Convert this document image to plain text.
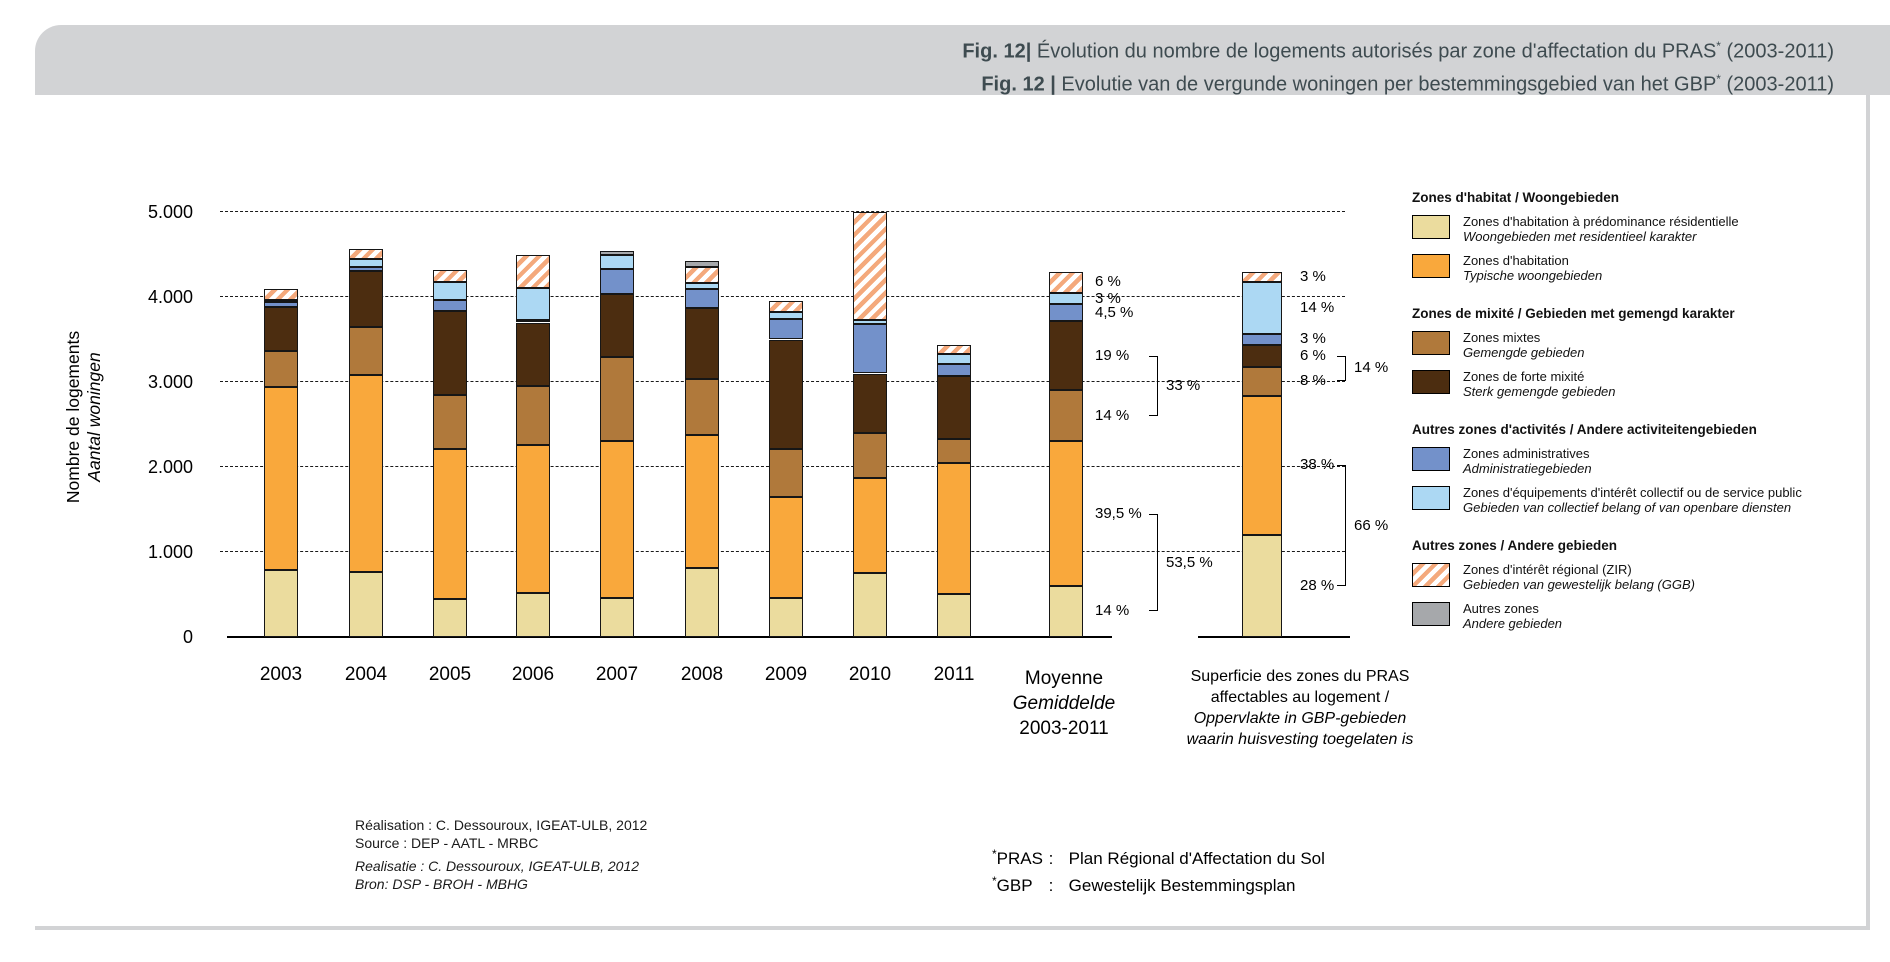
Fig. 12| Évolution du nombre de logements autorisés par zone d'affectation du PRAS* (2003-2011)
Fig. 12 | Evolutie van de vergunde woningen per bestemmingsgebied van het GBP* (2003-2011)
Nombre de logements Aantal woningen
0
1.000
2.000
3.000
4.000
5.000
2003	2004	2005	2006	2007	2008	2009	2010	2011
14 %
39,5 %
14 %
19 %
4,5 %
3 %
6 %
33 %
53,5 %
28 %
38 %
8 %
6 %
3 %
14 %
3 %
14 %
66 %
Moyenne
Gemiddelde
2003-2011
Superficie des zones du PRAS
affectables au logement /
Oppervlakte in GBP-gebieden
waarin huisvesting toegelaten is
Zones d'habitat / Woongebieden
Zones d'habitation à prédominance résidentielle
Woongebieden met residentieel karakter
Zones d'habitation
Typische woongebieden
Zones de mixité / Gebieden met gemengd karakter
Zones mixtes
Gemengde gebieden
Zones de forte mixité
Sterk gemengde gebieden
Autres zones d'activités / Andere activiteitengebieden
Zones administratives
Administratiegebieden
Zones d'équipements d'intérêt collectif ou de service public
Gebieden van collectief belang of van openbare diensten
Autres zones / Andere gebieden
Zones d'intérêt régional (ZIR)
Gebieden van gewestelijk belang (GGB)
Autres zones
Andere gebieden
Réalisation : C. Dessouroux, IGEAT-ULB, 2012
Source : DEP - AATL - MRBC
Realisatie : C. Dessouroux, IGEAT-ULB, 2012
Bron: DSP - BROH - MBHG
*PRAS : Plan Régional d'Affectation du Sol
*GBP : Gewestelijk Bestemmingsplan
